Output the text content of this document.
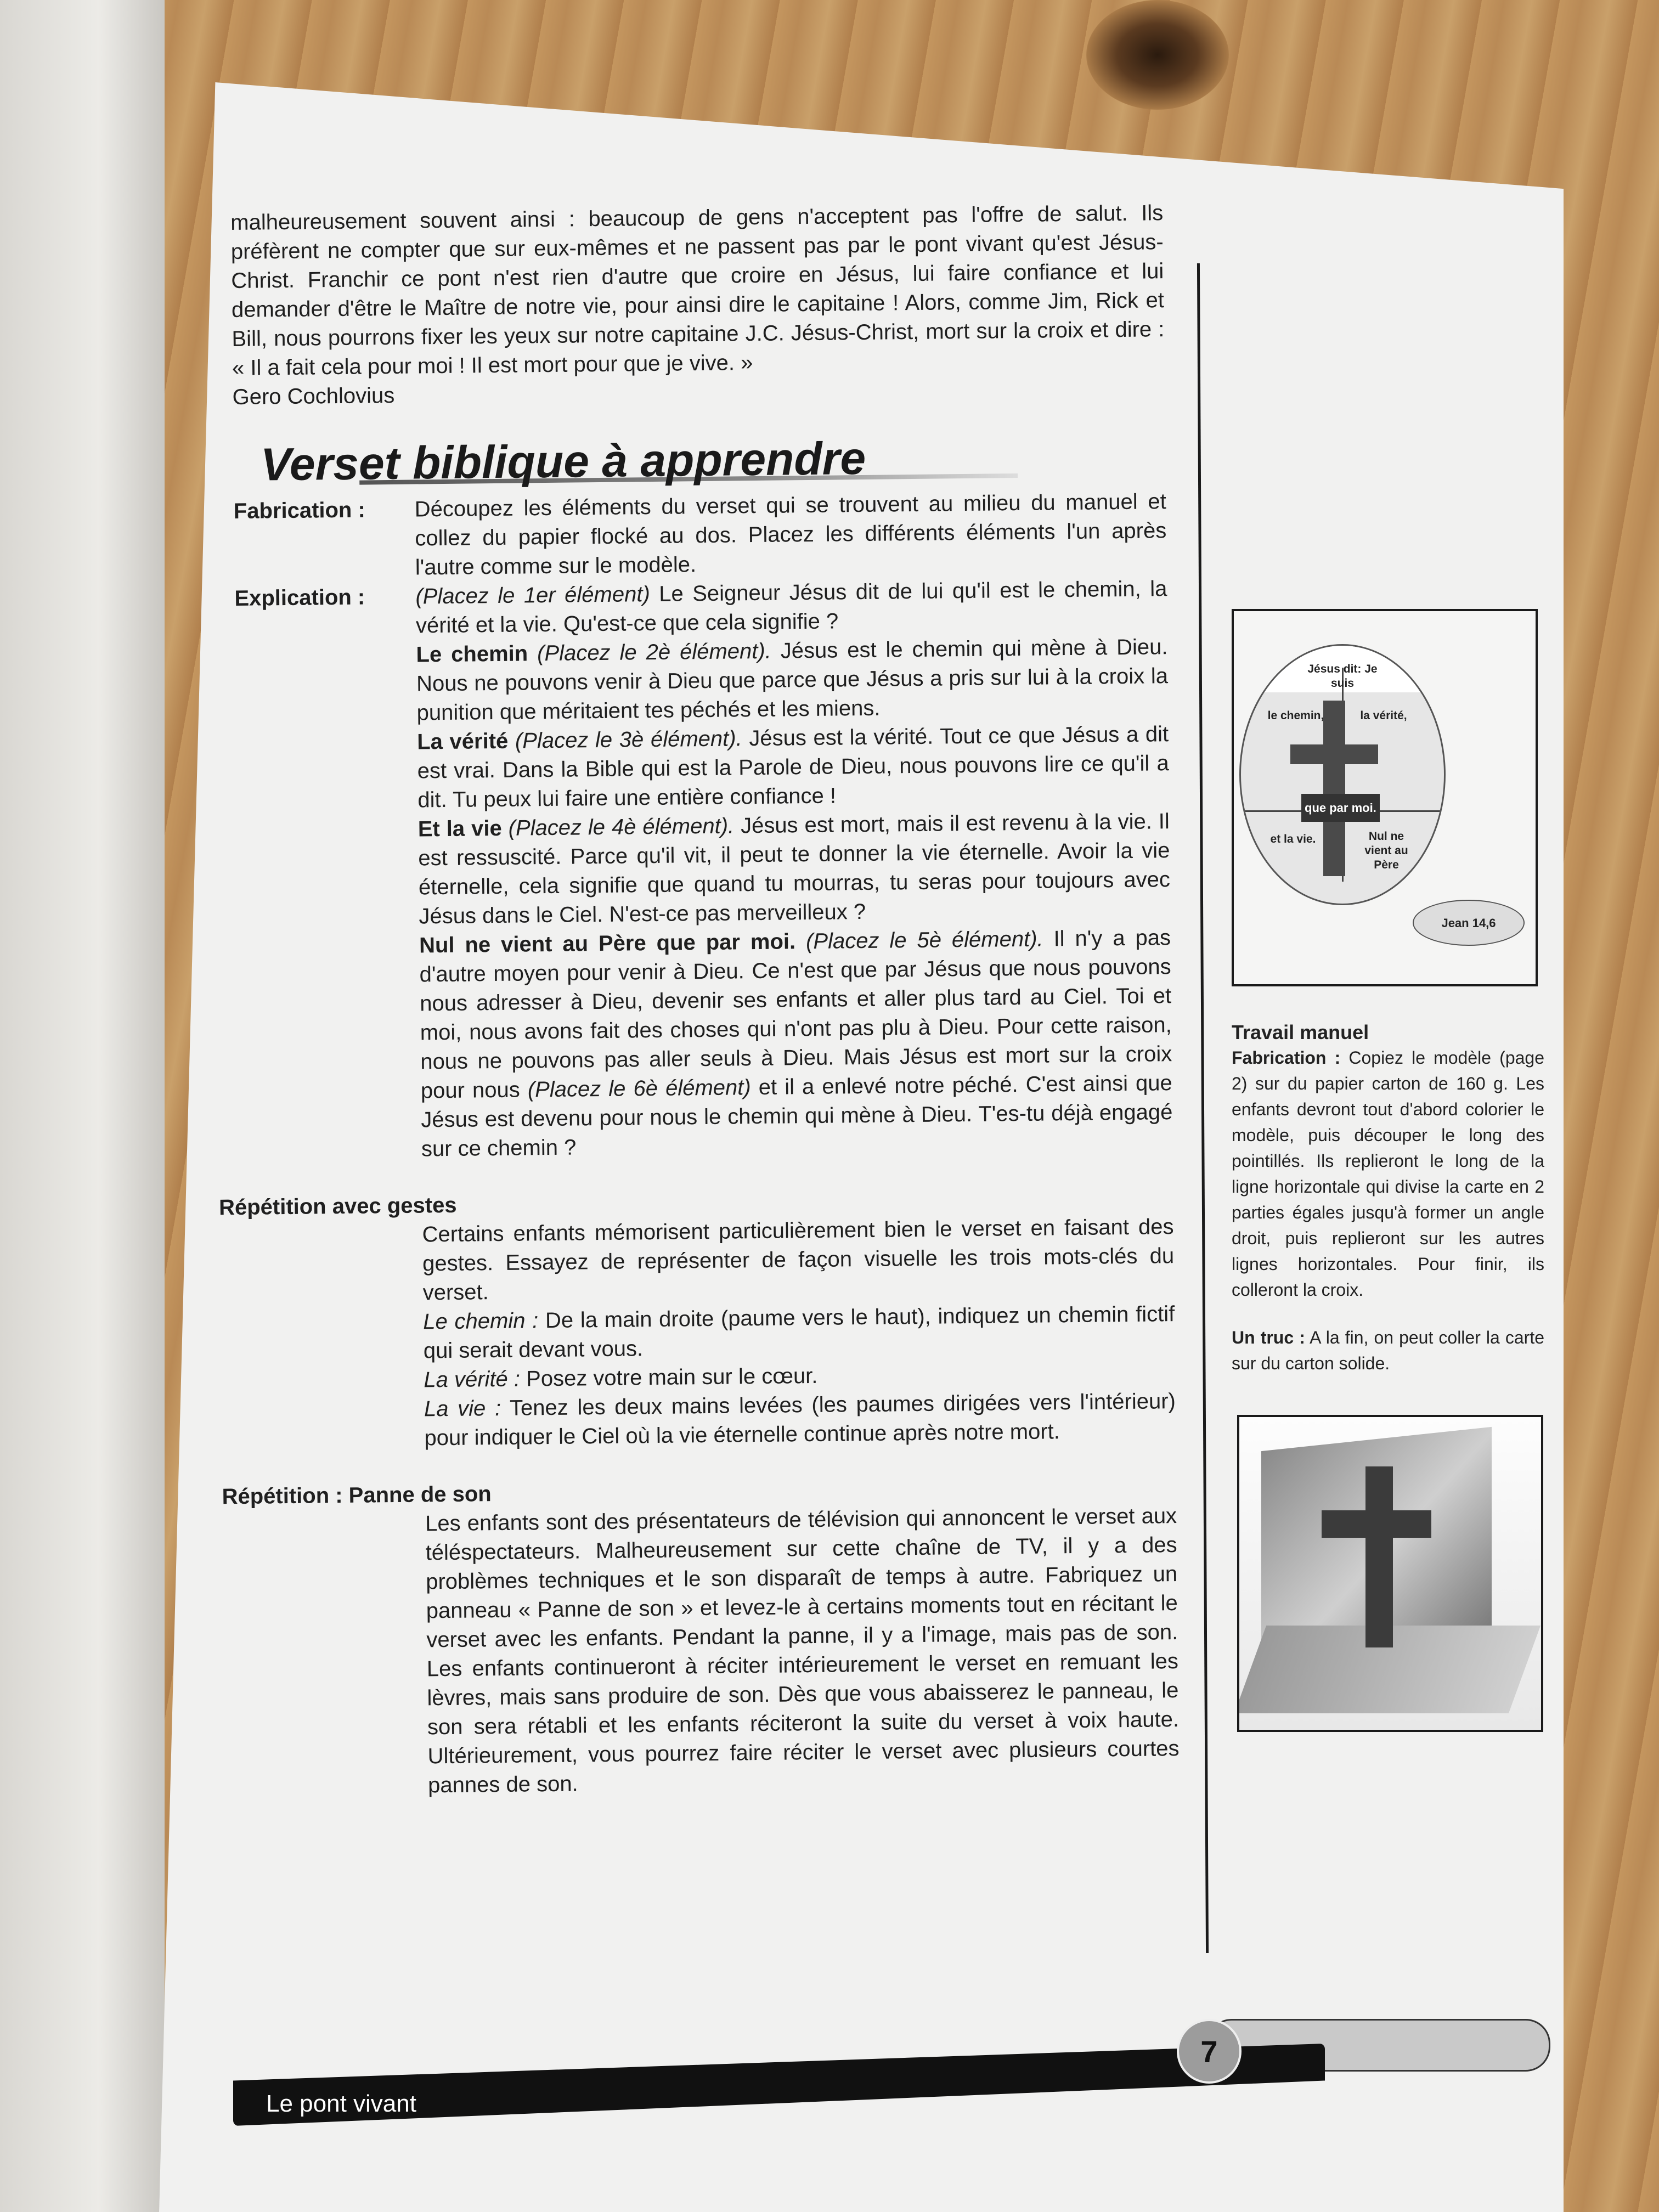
malheureusement souvent ainsi : beaucoup de gens n'acceptent pas l'offre de salut. Ils préfèrent ne compter que sur eux-mêmes et ne passent pas par le pont vivant qu'est Jésus-Christ. Franchir ce pont n'est rien d'autre que croire en Jésus, lui faire confiance et lui demander d'être le Maître de notre vie, pour ainsi dire le capitaine ! Alors, comme Jim, Rick et Bill, nous pourrons fixer les yeux sur notre capitaine J.C. Jésus-Christ, mort sur la croix et dire : « Il a fait cela pour moi ! Il est mort pour que je vive. »

Gero Cochlovius

Verset biblique à apprendre
Fabrication :	Découpez les éléments du verset qui se trouvent au milieu du manuel et collez du papier flocké au dos. Placez les différents éléments l'un après l'autre comme sur le modèle.
Explication :	(Placez le 1er élément) Le Seigneur Jésus dit de lui qu'il est le chemin, la vérité et la vie. Qu'est-ce que cela signifie ?
Le chemin (Placez le 2è élément). Jésus est le chemin qui mène à Dieu. Nous ne pouvons venir à Dieu que parce que Jésus a pris sur lui à la croix la punition que méritaient tes péchés et les miens.
La vérité (Placez le 3è élément). Jésus est la vérité. Tout ce que Jésus a dit est vrai. Dans la Bible qui est la Parole de Dieu, nous pouvons lire ce qu'il a dit. Tu peux lui faire une entière confiance !
Et la vie (Placez le 4è élément). Jésus est mort, mais il est revenu à la vie. Il est ressuscité. Parce qu'il vit, il peut te donner la vie éternelle. Avoir la vie éternelle, cela signifie que quand tu mourras, tu seras pour toujours avec Jésus dans le Ciel. N'est-ce pas merveilleux ?
Nul ne vient au Père que par moi. (Placez le 5è élément). Il n'y a pas d'autre moyen pour venir à Dieu. Ce n'est que par Jésus que nous pouvons nous adresser à Dieu, devenir ses enfants et aller plus tard au Ciel. Toi et moi, nous avons fait des choses qui n'ont pas plu à Dieu. Pour cette raison, nous ne pouvons pas aller seuls à Dieu. Mais Jésus est mort sur la croix pour nous (Placez le 6è élément) et il a enlevé notre péché. C'est ainsi que Jésus est devenu pour nous le chemin qui mène à Dieu. T'es-tu déjà engagé sur ce chemin ?
Répétition avec gestes

Certains enfants mémorisent particulièrement bien le verset en faisant des gestes. Essayez de représenter de façon visuelle les trois mots-clés du verset.

Le chemin : De la main droite (paume vers le haut), indiquez un chemin fictif qui serait devant vous.

La vérité : Posez votre main sur le cœur.

La vie : Tenez les deux mains levées (les paumes dirigées vers l'intérieur) pour indiquer le Ciel où la vie éternelle continue après notre mort.

Répétition : Panne de son

Les enfants sont des présentateurs de télévision qui annoncent le verset aux téléspectateurs. Malheureusement sur cette chaîne de TV, il y a des problèmes techniques et le son disparaît de temps à autre. Fabriquez un panneau « Panne de son » et levez-le à certains moments tout en récitant le verset avec les enfants. Pendant la panne, il y a l'image, mais pas de son. Les enfants continueront à réciter intérieurement le verset en remuant les lèvres, mais sans produire de son. Dès que vous abaisserez le panneau, le son sera rétabli et les enfants réciteront la suite du verset à voix haute. Ultérieurement, vous pourrez faire réciter le verset avec plusieurs courtes pannes de son.

Jésus dit: Je suis
le chemin,	la vérité,
que par moi.
et la vie.	Nul ne vient au Père
Jean 14,6
Travail manuel

Fabrication : Copiez le modèle (page 2) sur du papier carton de 160 g. Les enfants devront tout d'abord colorier le modèle, puis découper le long des pointillés. Ils replieront le long de la ligne horizontale qui divise la carte en 2 parties égales jusqu'à former un angle droit, puis replieront sur les autres lignes horizontales. Pour finir, ils colleront la croix.

Un truc : A la fin, on peut coller la carte sur du carton solide.

Le pont vivant
7
